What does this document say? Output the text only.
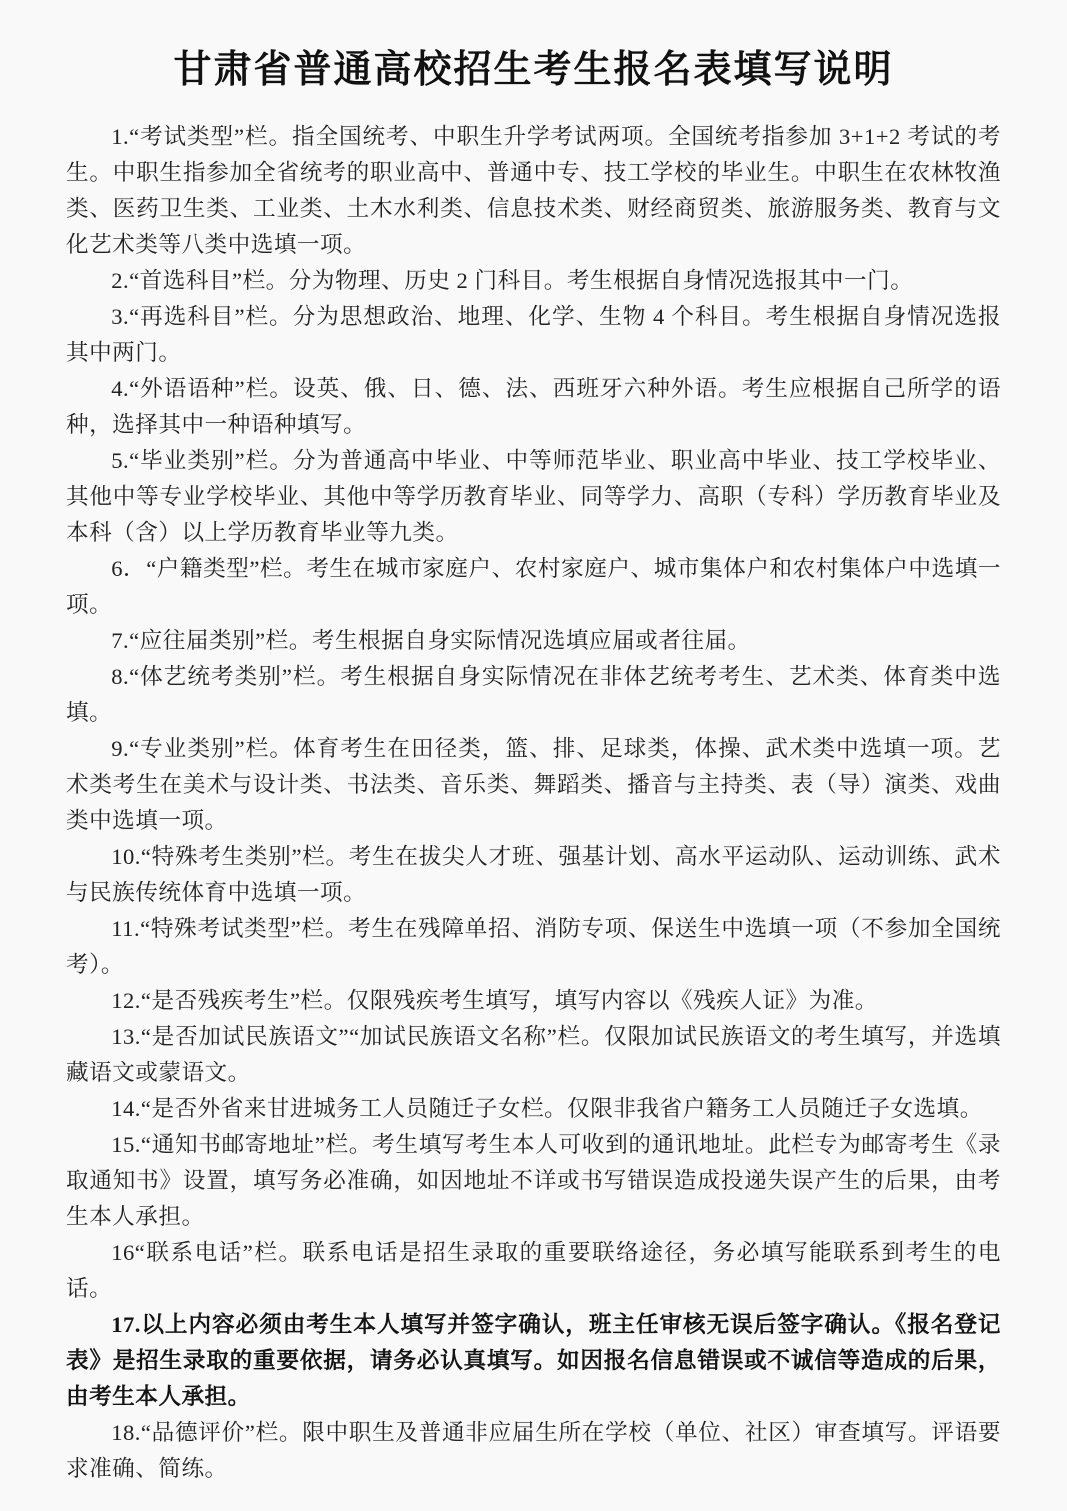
甘肃省普通高校招生考生报名表填写说明

1.“考试类型”栏。指全国统考、中职生升学考试两项。全国统考指参加 3+1+2 考试的考生。中职生指参加全省统考的职业高中、普通中专、技工学校的毕业生。中职生在农林牧渔类、医药卫生类、工业类、土木水利类、信息技术类、财经商贸类、旅游服务类、教育与文化艺术类等八类中选填一项。

2.“首选科目”栏。分为物理、历史 2 门科目。考生根据自身情况选报其中一门。

3.“再选科目”栏。分为思想政治、地理、化学、生物 4 个科目。考生根据自身情况选报其中两门。

4.“外语语种”栏。设英、俄、日、德、法、西班牙六种外语。考生应根据自己所学的语种，选择其中一种语种填写。

5.“毕业类别”栏。分为普通高中毕业、中等师范毕业、职业高中毕业、技工学校毕业、其他中等专业学校毕业、其他中等学历教育毕业、同等学力、高职（专科）学历教育毕业及本科（含）以上学历教育毕业等九类。

6．“户籍类型”栏。考生在城市家庭户、农村家庭户、城市集体户和农村集体户中选填一项。

7.“应往届类别”栏。考生根据自身实际情况选填应届或者往届。

8.“体艺统考类别”栏。考生根据自身实际情况在非体艺统考考生、艺术类、体育类中选填。

9.“专业类别”栏。体育考生在田径类，篮、排、足球类，体操、武术类中选填一项。艺术类考生在美术与设计类、书法类、音乐类、舞蹈类、播音与主持类、表（导）演类、戏曲类中选填一项。

10.“特殊考生类别”栏。考生在拔尖人才班、强基计划、高水平运动队、运动训练、武术与民族传统体育中选填一项。

11.“特殊考试类型”栏。考生在残障单招、消防专项、保送生中选填一项（不参加全国统考）。

12.“是否残疾考生”栏。仅限残疾考生填写，填写内容以《残疾人证》为准。

13.“是否加试民族语文”“加试民族语文名称”栏。仅限加试民族语文的考生填写，并选填藏语文或蒙语文。

14.“是否外省来甘进城务工人员随迁子女栏。仅限非我省户籍务工人员随迁子女选填。

15.“通知书邮寄地址”栏。考生填写考生本人可收到的通讯地址。此栏专为邮寄考生《录取通知书》设置，填写务必准确，如因地址不详或书写错误造成投递失误产生的后果，由考生本人承担。

16“联系电话”栏。联系电话是招生录取的重要联络途径，务必填写能联系到考生的电话。

17.以上内容必须由考生本人填写并签字确认，班主任审核无误后签字确认。《报名登记表》是招生录取的重要依据，请务必认真填写。如因报名信息错误或不诚信等造成的后果，由考生本人承担。

18.“品德评价”栏。限中职生及普通非应届生所在学校（单位、社区）审查填写。评语要求准确、简练。
